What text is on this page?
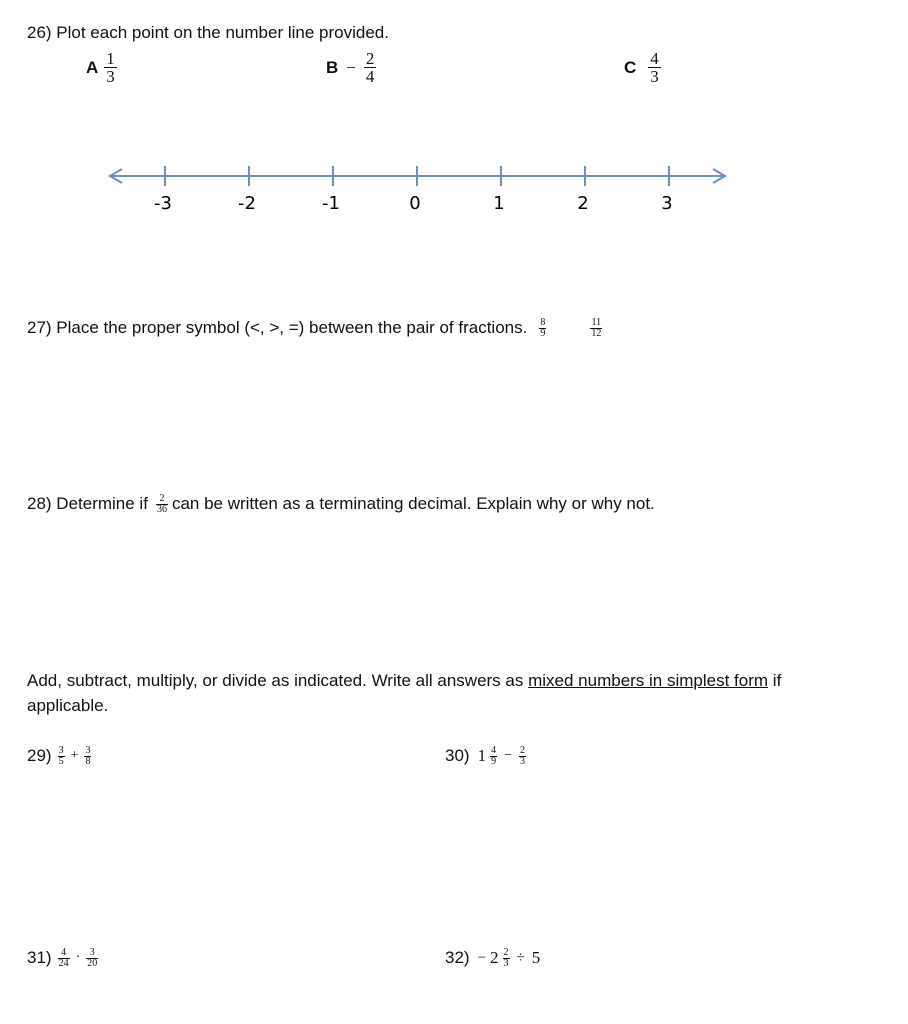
26) Plot each point on the number line provided.
A $\frac{1}{3}$	$B - \frac{2}{4}$	C $\frac{4}{3}$
-3	-2	-1	0	1	2	3
27) Place the proper symbol (<, >, =) between the pair of fractions. $\frac{8}{9}$	$\frac{11}{12}$
28) Determine if $\frac{2}{36}$ can be written as a terminating decimal. Explain why or why not.
Add, subtract, multiply, or divide as indicated. Write all answers as mixed numbers in simplest form if
applicable.
$29) \frac{3}{5} + \frac{3}{8}$	30) $1 \frac{4}{9} - \frac{2}{3}$
$31) \frac{4}{24} \cdot \frac{3}{20}$	$32) - 2 \frac{2}{3} \div 5$
